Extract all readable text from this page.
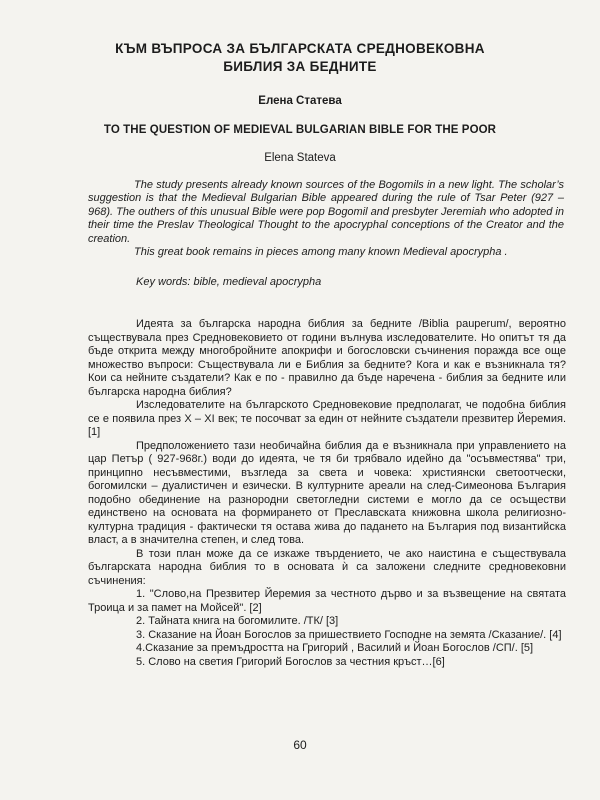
КЪМ ВЪПРОСА ЗА БЪЛГАРСКАТА СРЕДНОВЕКОВНА
БИБЛИЯ ЗА БЕДНИТЕ
Елена Статева
TO THE QUESTION OF MEDIEVAL BULGARIAN BIBLE FOR THE POOR
Elena Stateva

The study presents already known sources of the Bogomils in a new light. The scholar’s suggestion is that the Medieval Bulgarian Bible appeared during the rule of Tsar Peter (927 – 968). The outhers of this unusual Bible were pop Bogomil and presbyter Jeremiah who adopted in their time the Preslav Theological Thought to the apocryphal conceptions of the Creator and the creation.

This great book remains in pieces among many known Medieval apocrypha .

Key words: bible, medieval apocrypha

Идеята за българска народна библия за бедните /Biblia pauperum/, вероятно съществувала през Средновековието от години вълнува изследователите. Но опитът тя да бъде открита между многобройните апокрифи и богословски съчинения поражда все още множество въпроси: Съществувала ли е Библия за бедните? Кога и как е възникнала тя? Кои са нейните създатели? Как е по - правилно да бъде наречена - библия за бедните или българска народна библия?

Изследователите на българското Средновековие предполагат, че подобна библия се е появила през X – XI век; те посочват за един от нейните създатели презвитер Йеремия.[1]

Предположението тази необичайна библия да е възникнала при управлението на цар Петър ( 927-968г.) води до идеята, че тя би трябвало идейно да "осъвместява" три, принципно несъвместими, възгледа за света и човека: християнски светоотчески, богомилски – дуалистичен и езически. В културните ареали на след-Симеонова България подобно обединение на разнородни светогледни системи е могло да се осъществи единствено на основата на формирането от Преславската книжовна школа религиознокултурна традиция - фактически тя остава жива до падането на България под византийска власт, а в значителна степен, и след това.

В този план може да се изкаже твърдението, че ако наистина е съществувала българската народна библия то в основата ѝ са заложени следните средновековни съчинения:

1. "Слово,на Презвитер Йеремия за честното дърво и за възвещение на святата Троица и за памет на Мойсей". [2]

2. Тайната книга на богомилите. /ТК/ [3]

3. Сказание на Йоан Богослов за пришествието Господне на земята /Сказание/. [4]

4.Сказание за премъдростта на Григорий , Василий и Йоан Богослов /СП/. [5]

5. Слово на светия Григорий Богослов за честния кръст…[6]

60
